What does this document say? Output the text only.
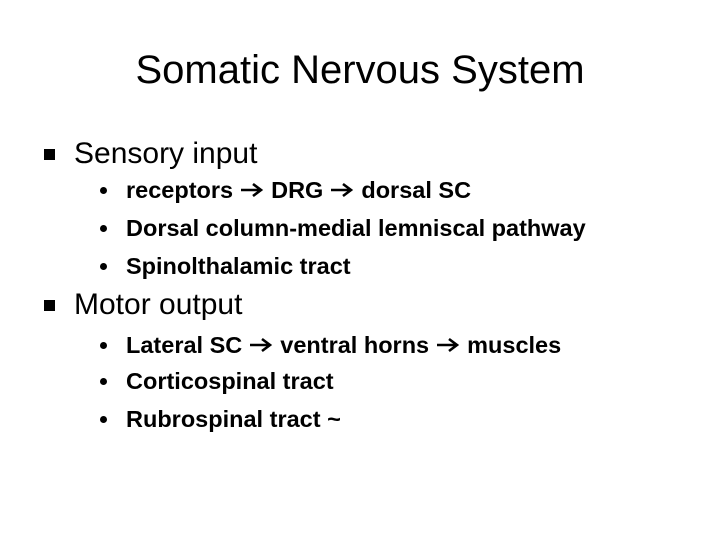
Somatic Nervous System
Sensory input
receptors DRG dorsal SC
Dorsal column-medial lemniscal pathway
Spinolthalamic tract
Motor output
Lateral SC ventral horns muscles
Corticospinal tract
Rubrospinal tract ~
